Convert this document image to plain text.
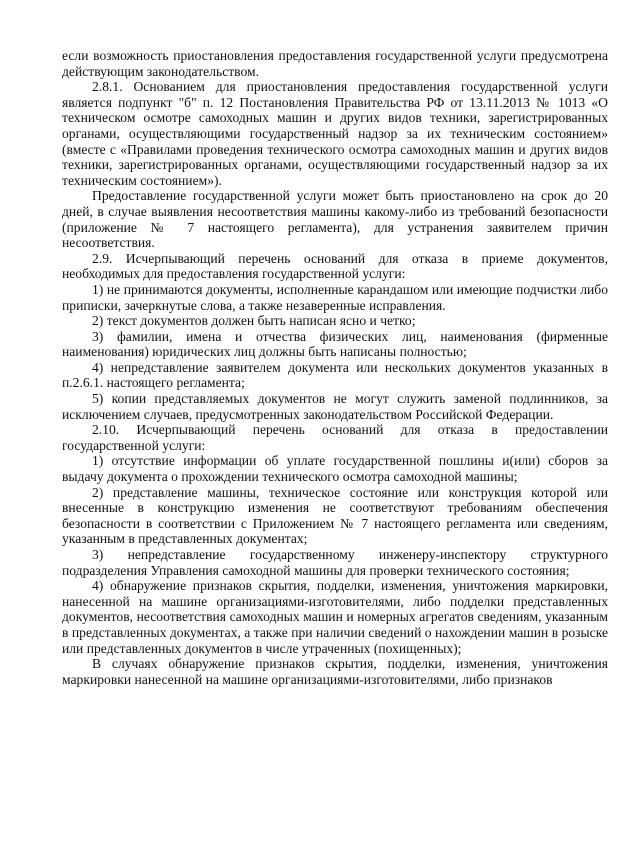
если возможность приостановления предоставления государственной услуги предусмотрена действующим законодательством.

2.8.1. Основанием для приостановления предоставления государственной услуги является подпункт "б" п. 12 Постановления Правительства РФ от 13.11.2013 № 1013 «О техническом осмотре самоходных машин и других видов техники, зарегистрированных органами, осуществляющими государственный надзор за их техническим состоянием» (вместе с «Правилами проведения технического осмотра самоходных машин и других видов техники, зарегистрированных органами, осуществляющими государственный надзор за их техническим состоянием»).

Предоставление государственной услуги может быть приостановлено на срок до 20 дней, в случае выявления несоответствия машины какому-либо из требований безопасности (приложение № 7 настоящего регламента), для устранения заявителем причин несоответствия.

2.9. Исчерпывающий перечень оснований для отказа в приеме документов, необходимых для предоставления государственной услуги:

1) не принимаются документы, исполненные карандашом или имеющие подчистки либо приписки, зачеркнутые слова, а также незаверенные исправления.

2) текст документов должен быть написан ясно и четко;

3) фамилии, имена и отчества физических лиц, наименования (фирменные наименования) юридических лиц должны быть написаны полностью;

4) непредставление заявителем документа или нескольких документов указанных в п.2.6.1. настоящего регламента;

5) копии представляемых документов не могут служить заменой подлинников, за исключением случаев, предусмотренных законодательством Российской Федерации.

2.10. Исчерпывающий перечень оснований для отказа в предоставлении государственной услуги:

1) отсутствие информации об уплате государственной пошлины и(или) сборов за выдачу документа о прохождении технического осмотра самоходной машины;

2) представление машины, техническое состояние или конструкция которой или внесенные в конструкцию изменения не соответствуют требованиям обеспечения безопасности в соответствии с Приложением № 7 настоящего регламента или сведениям, указанным в представленных документах;

3) непредставление государственному инженеру-инспектору структурного подразделения Управления самоходной машины для проверки технического состояния;

4) обнаружение признаков скрытия, подделки, изменения, уничтожения маркировки, нанесенной на машине организациями-изготовителями, либо подделки представленных документов, несоответствия самоходных машин и номерных агрегатов сведениям, указанным в представленных документах, а также при наличии сведений о нахождении машин в розыске или представленных документов в числе утраченных (похищенных);

В случаях обнаружение признаков скрытия, подделки, изменения, уничтожения маркировки нанесенной на машине организациями-изготовителями, либо признаков
